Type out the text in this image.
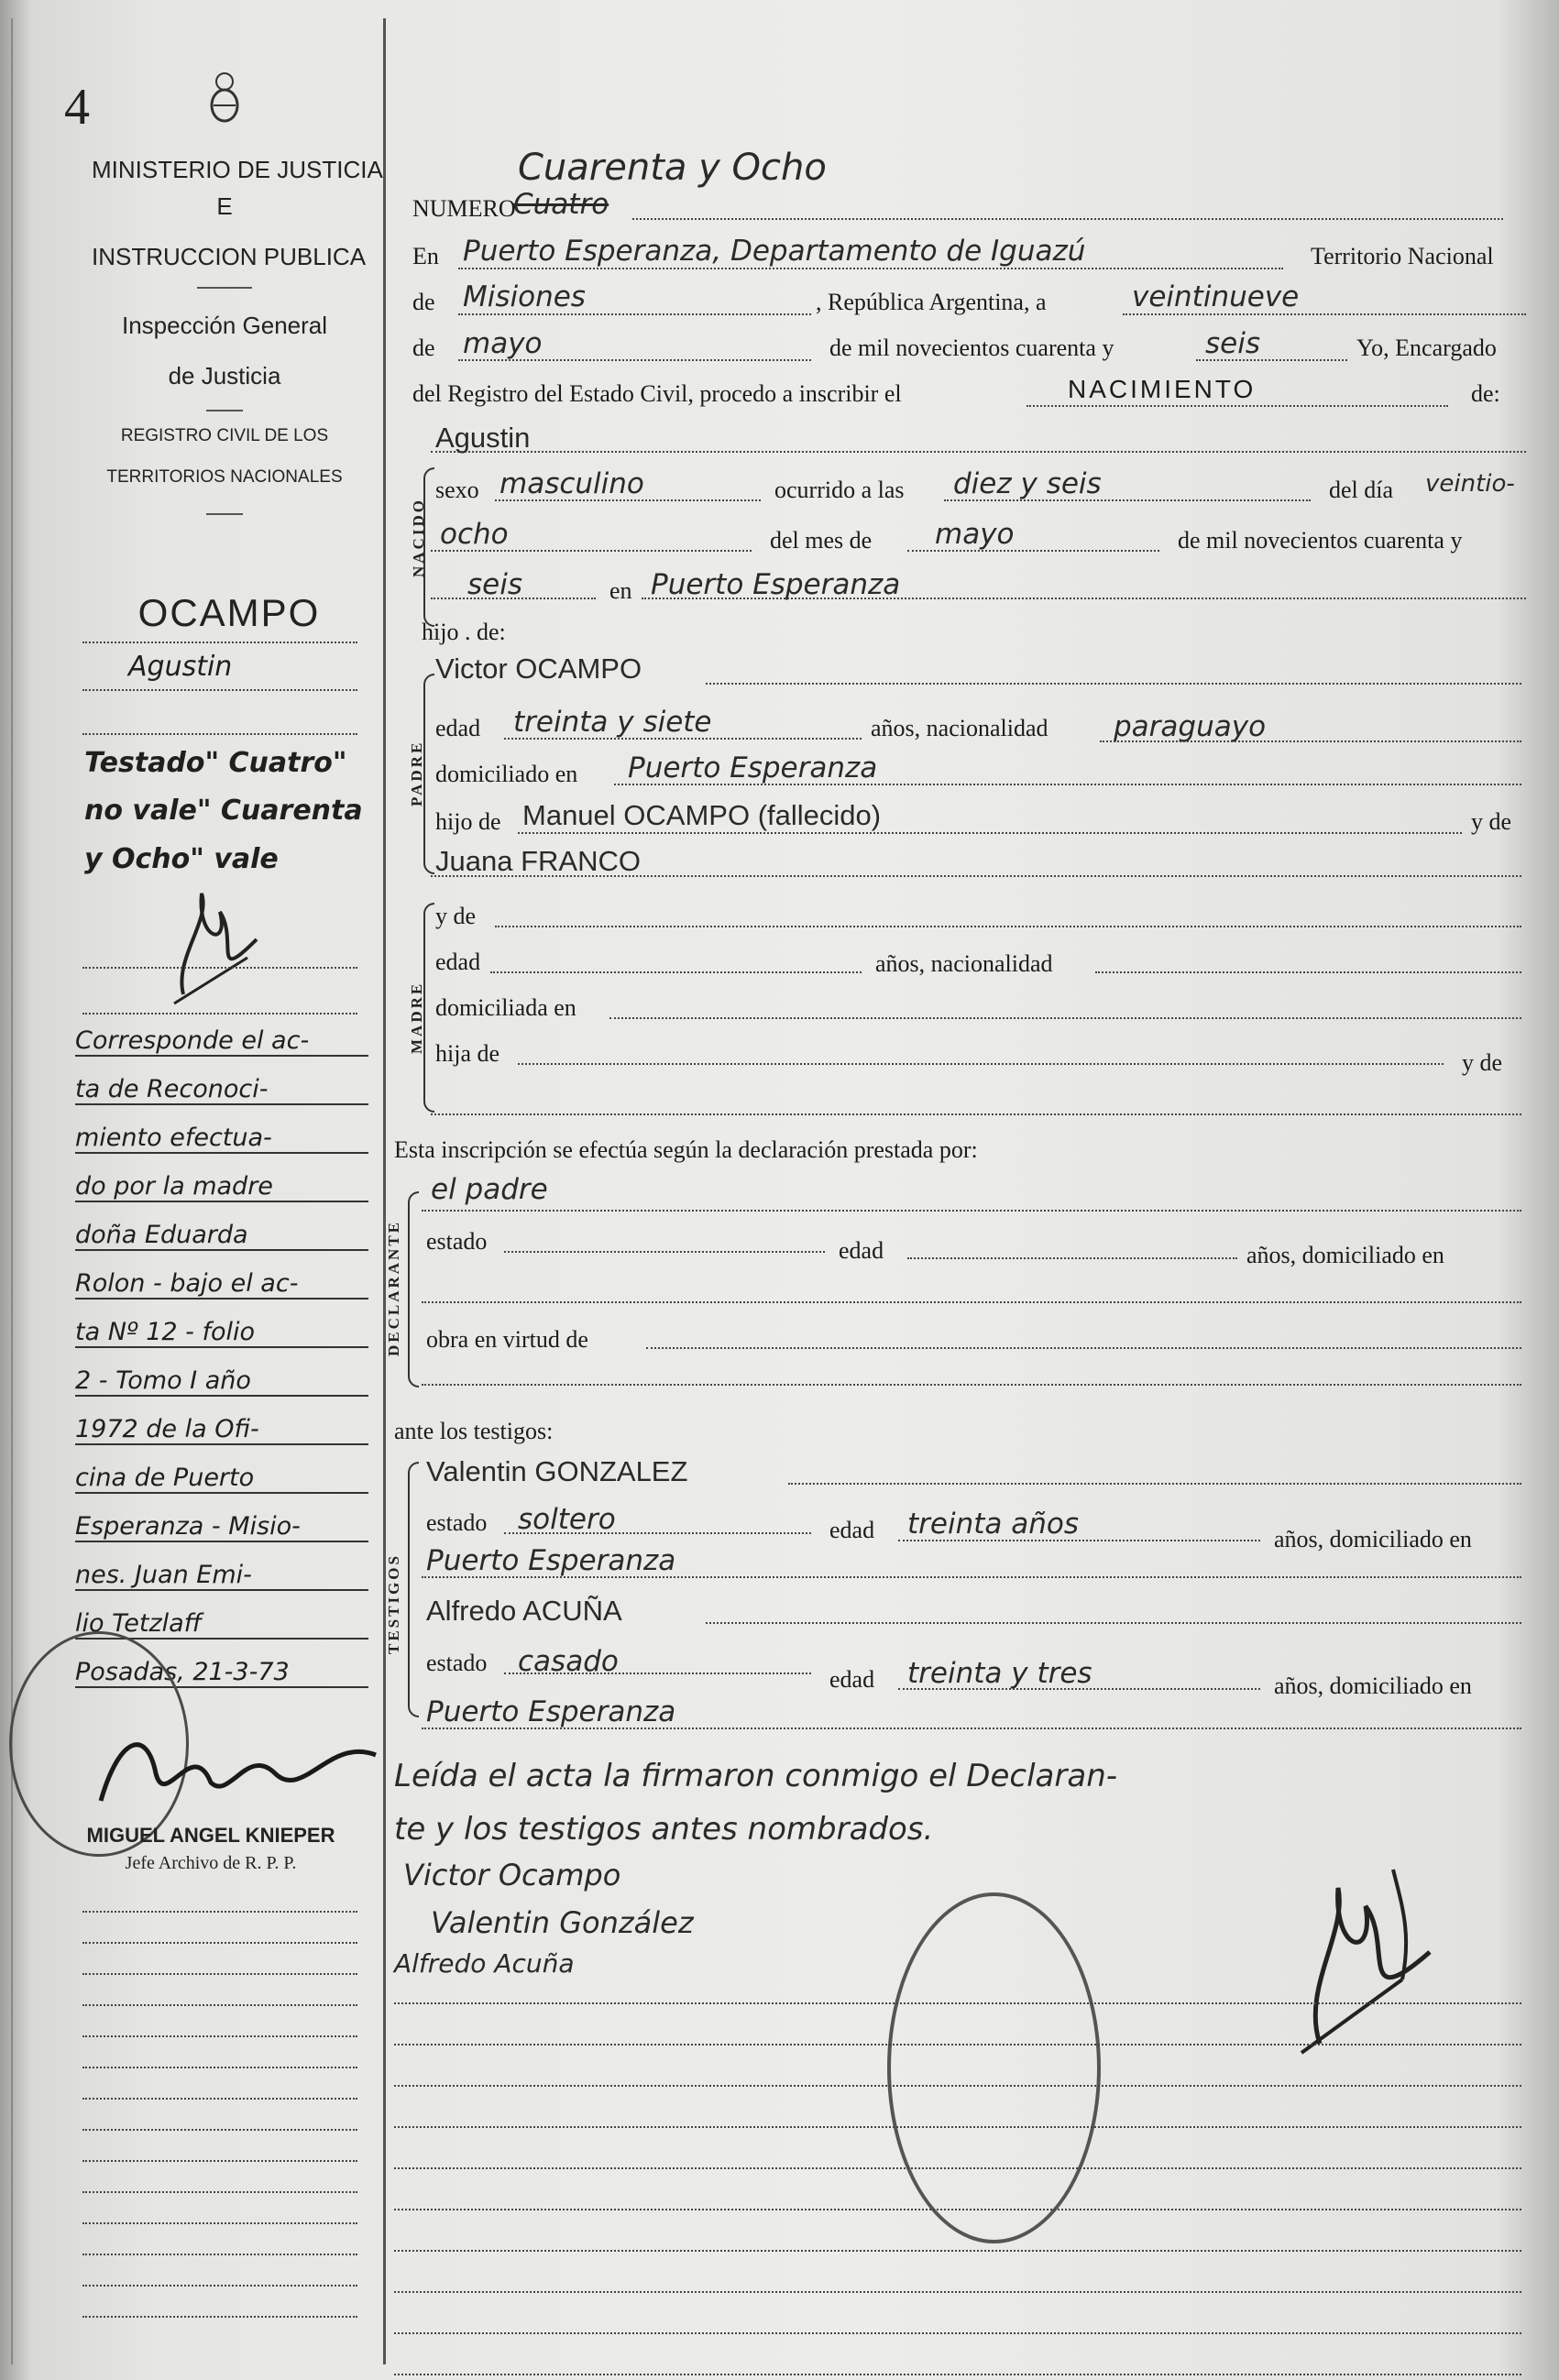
4
MINISTERIO DE JUSTICIA
E
INSTRUCCION PUBLICA
Inspección General
de Justicia
REGISTRO CIVIL DE LOS
TERRITORIOS NACIONALES
OCAMPO
Agustin
Testado" Cuatro"
no vale" Cuarenta
y Ocho" vale
Corresponde el ac-
ta de Reconoci-
miento efectua-
do por la madre
doña Eduarda
Rolon - bajo el ac-
ta Nº 12 - folio
2 - Tomo I año
1972 de la Ofi-
cina de Puerto
Esperanza - Misio-
nes. Juan Emi-
lio Tetzlaff
Posadas, 21-3-73
MIGUEL ANGEL KNIEPER
Jefe Archivo de R. P. P.
Cuarenta y Ocho
NUMERO
Cuatro
En Puerto Esperanza, Departamento de Iguazú	Territorio Nacional
de Misiones	, República Argentina, a	veintinueve
de mayo	de mil novecientos cuarenta y	seis	Yo, Encargado
del Registro del Estado Civil, procedo a inscribir el	NACIMIENTO	de:
NACIDO
Agustin
sexo masculino	ocurrido a las diez y seis	del día veintio-
ocho	del mes de mayo	de mil novecientos cuarenta y
seis	en Puerto Esperanza
hijo . de:
PADRE
Victor OCAMPO
edad treinta y siete	años, nacionalidad paraguayo
domiciliado en Puerto Esperanza
hijo de Manuel OCAMPO (fallecido)	y de
Juana FRANCO
MADRE
y de
edad	años, nacionalidad
domiciliada en
hija de	y de
Esta inscripción se efectúa según la declaración prestada por:
DECLARANTE
el padre
estado	edad	años, domiciliado en
obra en virtud de
ante los testigos:
TESTIGOS
Valentin GONZALEZ
estado soltero	edad treinta años	años, domiciliado en
Puerto Esperanza
Alfredo ACUÑA
estado casado
edad treinta y tres	años, domiciliado en
Puerto Esperanza
Leída el acta la firmaron conmigo el Declaran-
te y los testigos antes nombrados.
Victor Ocampo
Valentin González
Alfredo Acuña
